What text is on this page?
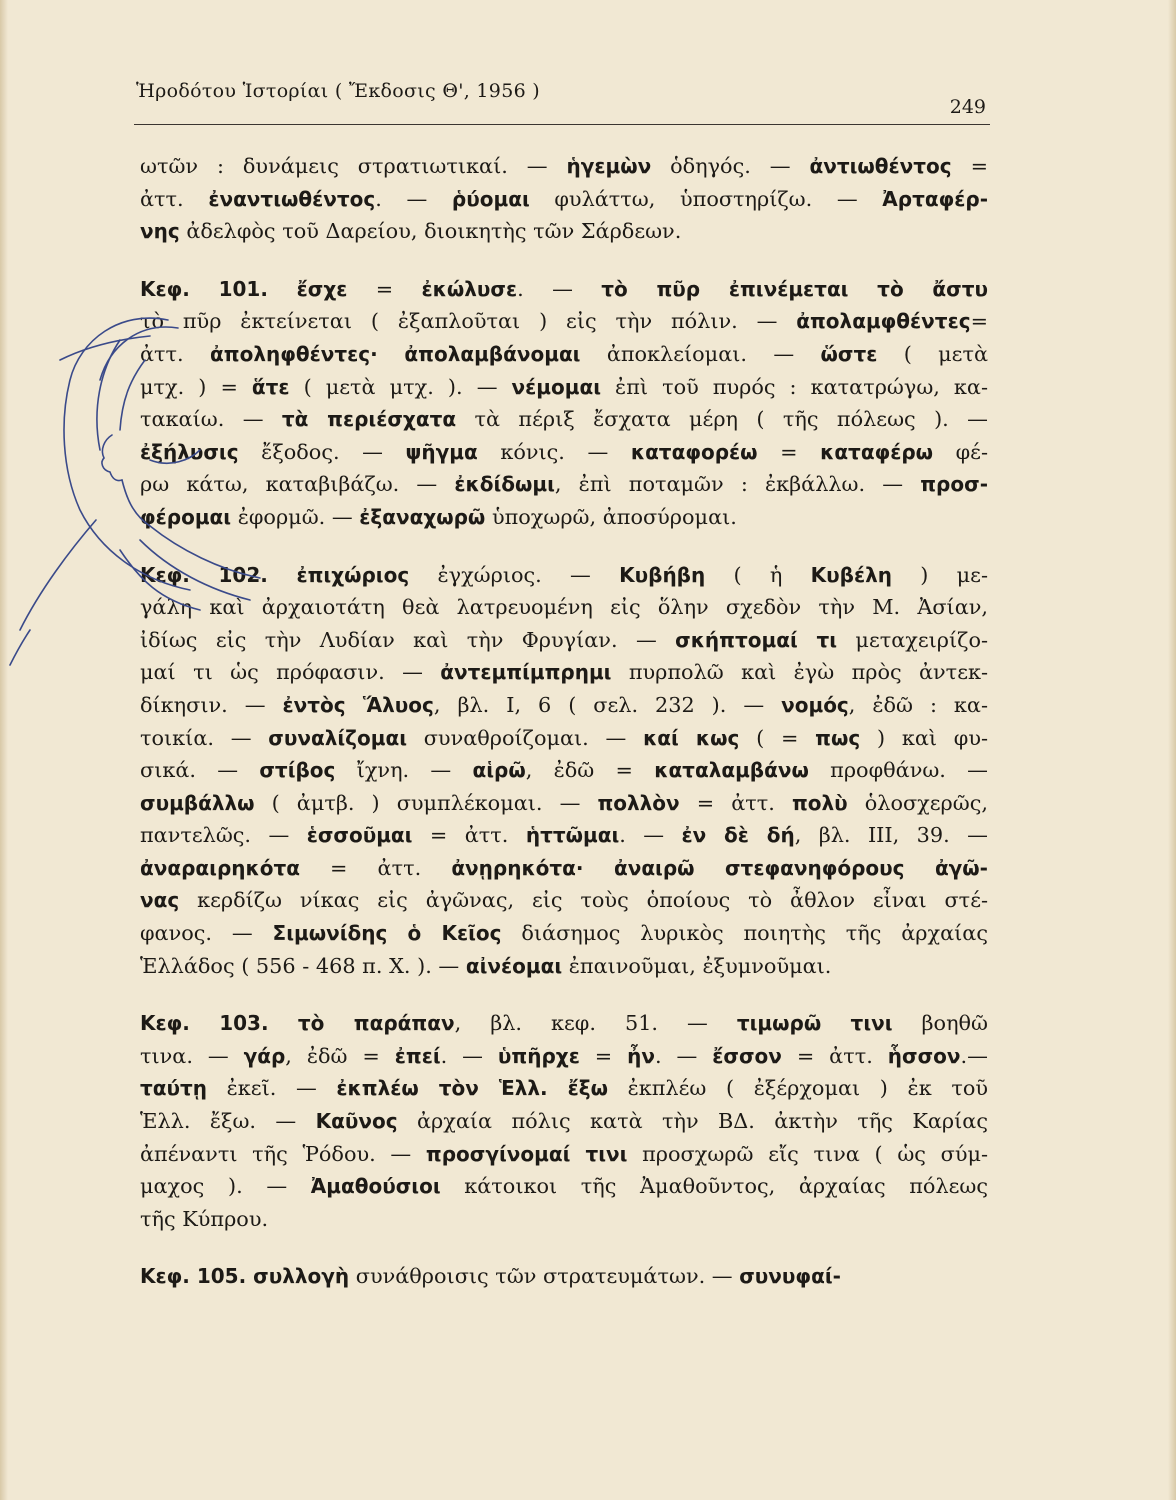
Ἡροδότου Ἱστορίαι ( Ἔκδοσις Θ', 1956 )
249

ωτῶν : δυνάμεις στρατιωτικαί. — ἡγεμὼν ὁδηγός. — ἀντιωθέντος =

ἀττ. ἐναντιωθέντος. — ῥύομαι φυλάττω, ὑποστηρίζω. — Ἀρταφέρ-

νης ἀδελφὸς τοῦ Δαρείου, διοικητὴς τῶν Σάρδεων.

Κεφ. 101. ἔσχε = ἐκώλυσε. — τὸ πῦρ ἐπινέμεται τὸ ἄστυ

τὸ πῦρ ἐκτείνεται ( ἐξαπλοῦται ) εἰς τὴν πόλιν. — ἀπολαμφθέντες=

ἀττ. ἀποληφθέντες· ἀπολαμβάνομαι ἀποκλείομαι. — ὥστε ( μετὰ

μτχ. ) = ἅτε ( μετὰ μτχ. ). — νέμομαι ἐπὶ τοῦ πυρός : κατατρώγω, κα-

τακαίω. — τὰ περιέσχατα τὰ πέριξ ἔσχατα μέρη ( τῆς πόλεως ). —

ἐξήλυσις ἔξοδος. — ψῆγμα κόνις. — καταφορέω = καταφέρω φέ-

ρω κάτω, καταβιβάζω. — ἐκδίδωμι, ἐπὶ ποταμῶν : ἐκβάλλω. — προσ-

φέρομαι ἐφορμῶ. — ἐξαναχωρῶ ὑποχωρῶ, ἀποσύρομαι.

Κεφ. 102. ἐπιχώριος ἐγχώριος. — Κυβήβη ( ἡ Κυβέλη ) με-

γάλη καὶ ἀρχαιοτάτη θεὰ λατρευομένη εἰς ὅλην σχεδὸν τὴν Μ. Ἀσίαν,

ἰδίως εἰς τὴν Λυδίαν καὶ τὴν Φρυγίαν. — σκήπτομαί τι μεταχειρίζο-

μαί τι ὡς πρόφασιν. — ἀντεμπίμπρημι πυρπολῶ καὶ ἐγὼ πρὸς ἀντεκ-

δίκησιν. — ἐντὸς Ἅλυος, βλ. Ι, 6 ( σελ. 232 ). — νομός, ἐδῶ : κα-

τοικία. — συναλίζομαι συναθροίζομαι. — καί κως ( = πως ) καὶ φυ-

σικά. — στίβος ἴχνη. — αἱρῶ, ἐδῶ = καταλαμβάνω προφθάνω. —

συμβάλλω ( ἀμτβ. ) συμπλέκομαι. — πολλὸν = ἀττ. πολὺ ὁλοσχερῶς,

παντελῶς. — ἑσσοῦμαι = ἀττ. ἡττῶμαι. — ἐν δὲ δή, βλ. ΙΙΙ, 39. —

ἀναραιρηκότα = ἀττ. ἀνῃρηκότα· ἀναιρῶ στεφανηφόρους ἀγῶ-

νας κερδίζω νίκας εἰς ἀγῶνας, εἰς τοὺς ὁποίους τὸ ἆθλον εἶναι στέ-

φανος. — Σιμωνίδης ὁ Κεῖος διάσημος λυρικὸς ποιητὴς τῆς ἀρχαίας

Ἑλλάδος ( 556 - 468 π. Χ. ). — αἰνέομαι ἐπαινοῦμαι, ἐξυμνοῦμαι.

Κεφ. 103. τὸ παράπαν, βλ. κεφ. 51. — τιμωρῶ τινι βοηθῶ

τινα. — γάρ, ἐδῶ = ἐπεί. — ὑπῆρχε = ἦν. — ἔσσον = ἀττ. ἧσσον.—

ταύτῃ ἐκεῖ. — ἐκπλέω τὸν Ἑλλ. ἔξω ἐκπλέω ( ἐξέρχομαι ) ἐκ τοῦ

Ἑλλ. ἔξω. — Καῦνος ἀρχαία πόλις κατὰ τὴν ΒΔ. ἀκτὴν τῆς Καρίας

ἀπέναντι τῆς Ῥόδου. — προσγίνομαί τινι προσχωρῶ εἴς τινα ( ὡς σύμ-

μαχος ). — Ἀμαθούσιοι κάτοικοι τῆς Ἀμαθοῦντος, ἀρχαίας πόλεως

τῆς Κύπρου.

Κεφ. 105. συλλογὴ συνάθροισις τῶν στρατευμάτων. — συνυφαί-
